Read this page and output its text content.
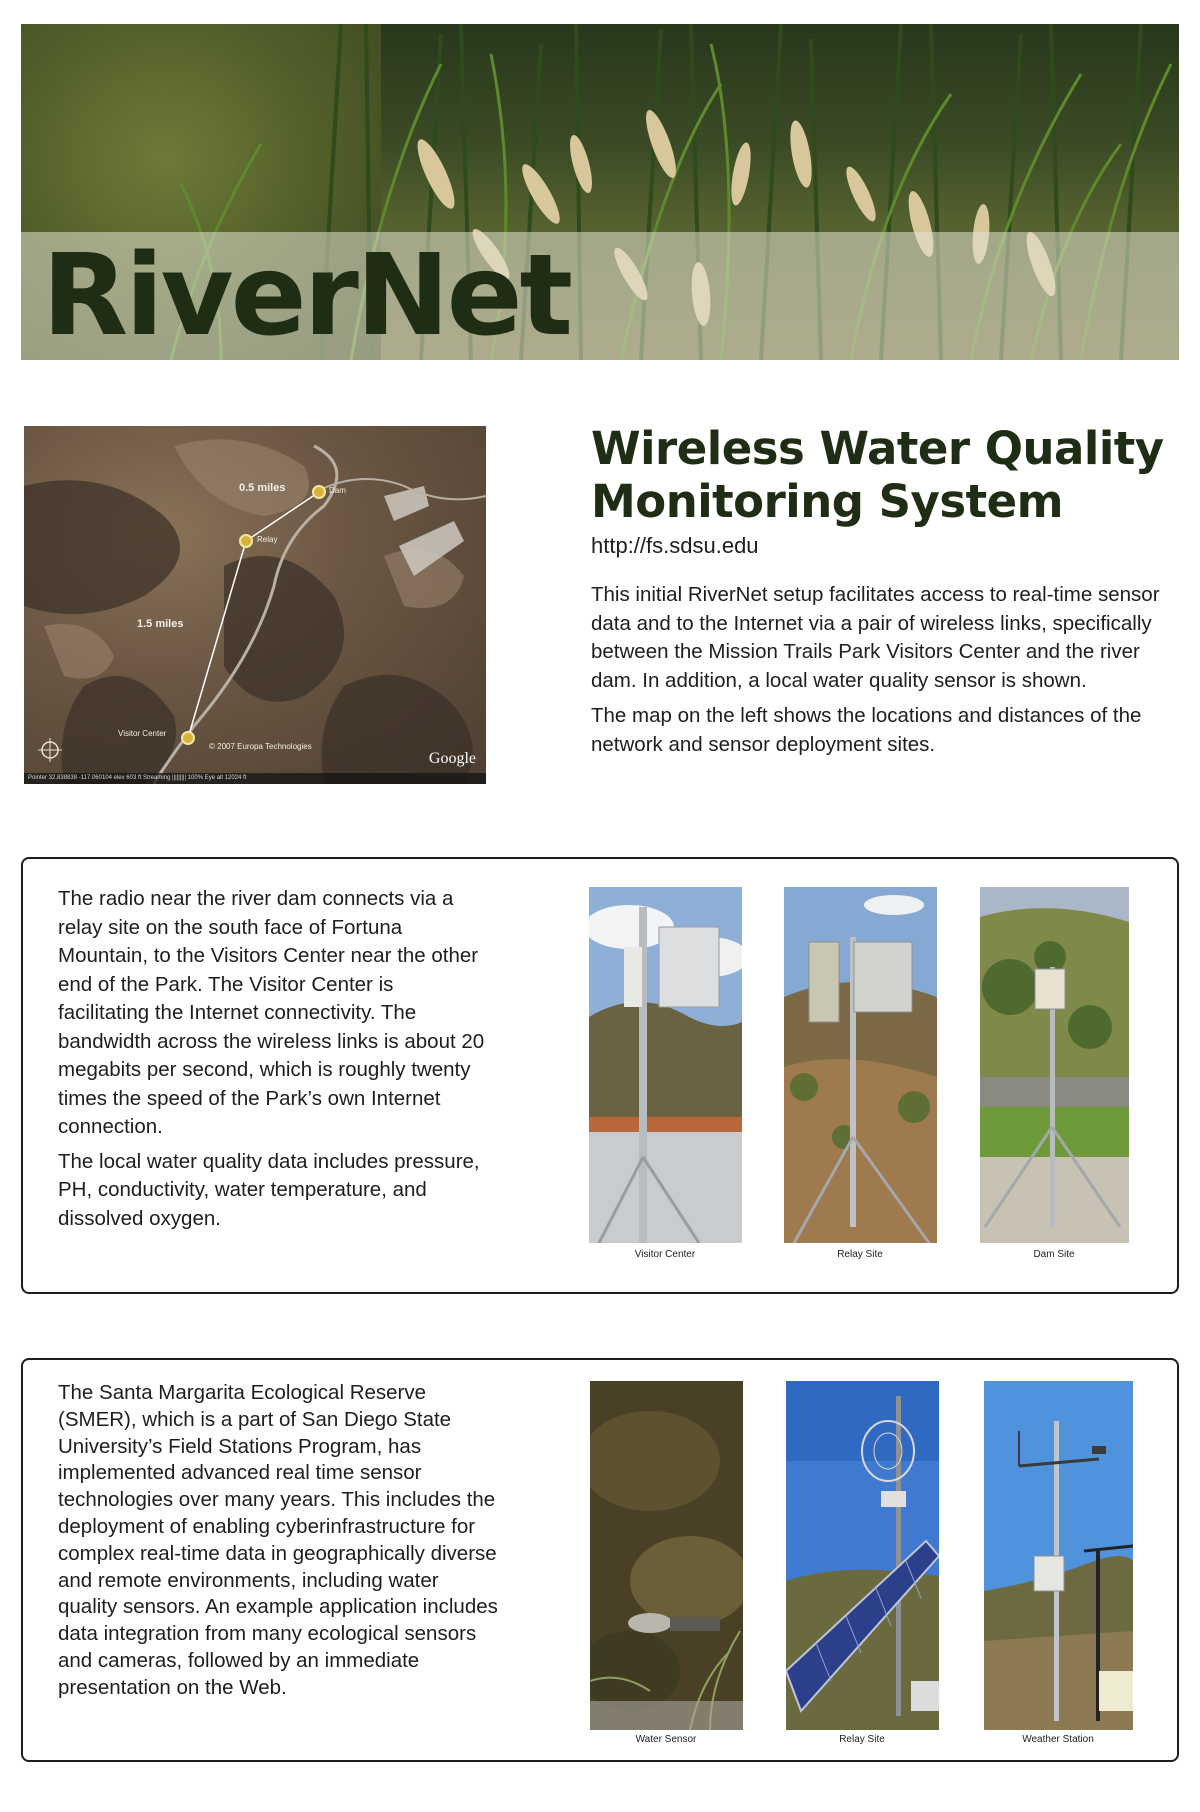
RiverNet
0.5 miles
1.5 miles
Dam
Relay
Visitor Center
© 2007 Europa Technologies
Google
Pointer 32.838838 -117.060104 elev 603 ft Streaming ||||||||| 100% Eye alt 12024 ft
Wireless Water Quality
Monitoring System
http://fs.sdsu.edu

This initial RiverNet setup facilitates access to real-time sensor data and to the Internet via a pair of wireless links, specifically between the Mission Trails Park Visitors Center and the river dam. In addition, a local water quality sensor is shown.

The map on the left shows the locations and distances of the network and sensor deployment sites.

The radio near the river dam connects via a relay site on the south face of Fortuna Mountain, to the Visitors Center near the other end of the Park. The Visitor Center is facilitating the Internet connectivity. The bandwidth across the wireless links is about 20 megabits per second, which is roughly twenty times the speed of the Park’s own Internet connection.

The local water quality data includes pressure, PH, conductivity, water temperature, and dissolved oxygen.

Visitor Center	Relay Site	Dam Site
The Santa Margarita Ecological Reserve (SMER), which is a part of San Diego State University’s Field Stations Program, has implemented advanced real time sensor technologies over many years. This includes the deployment of enabling cyberinfrastructure for complex real-time data in geographically diverse and remote environments, including water quality sensors. An example application includes data integration from many ecological sensors and cameras, followed by an immediate presentation on the Web.
Water Sensor	Relay Site	Weather Station
